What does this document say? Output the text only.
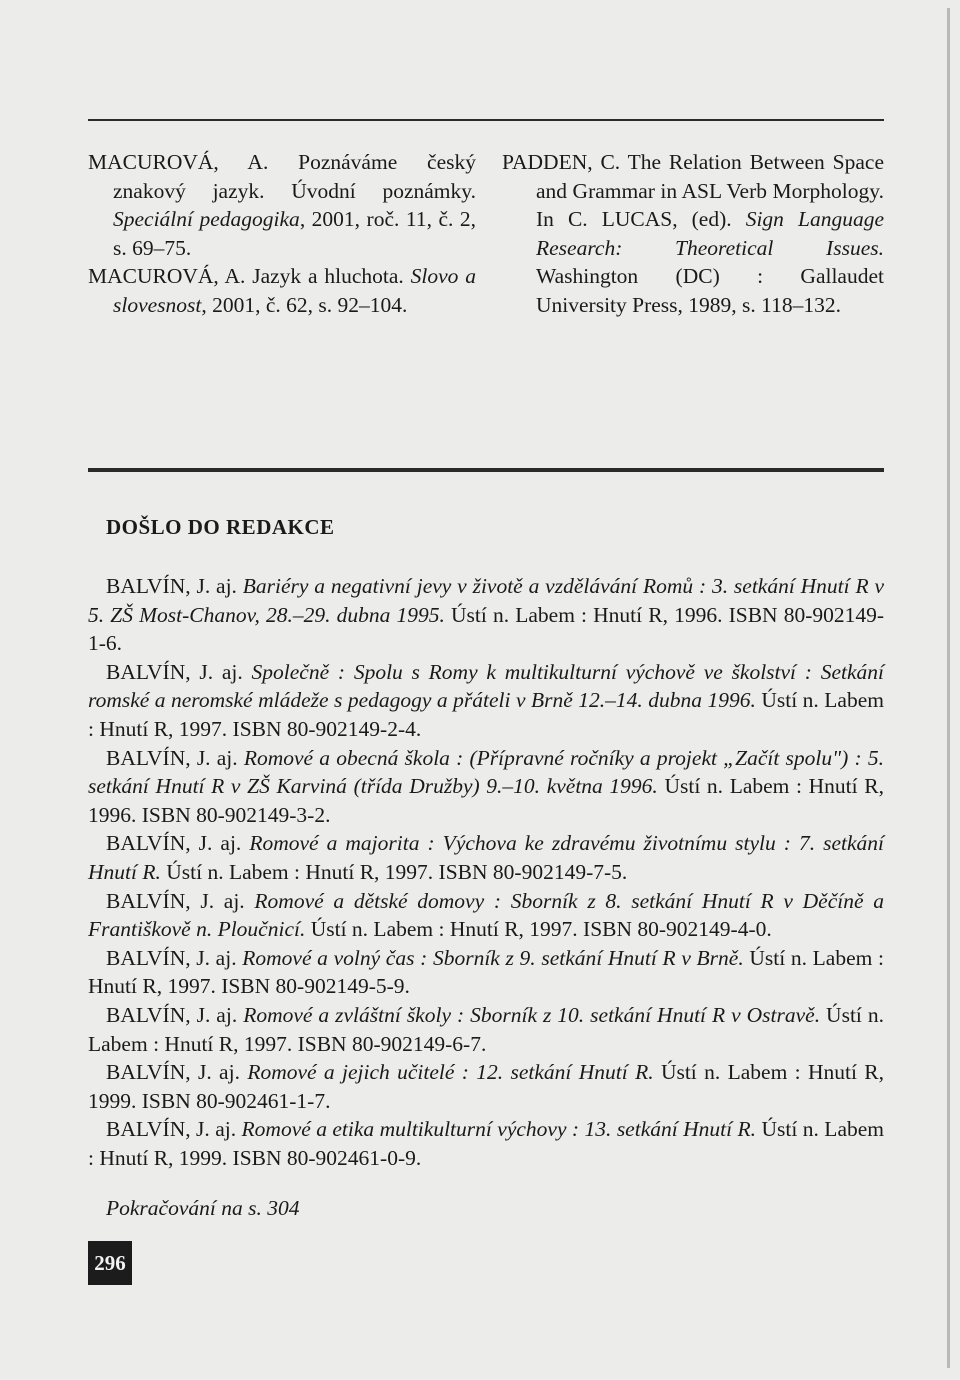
MACUROVÁ, A. Poznáváme český znakový jazyk. Úvodní poznámky. Speciální pedagogika, 2001, roč. 11, č. 2, s. 69–75.

MACUROVÁ, A. Jazyk a hluchota. Slovo a slovesnost, 2001, č. 62, s. 92–104.

PADDEN, C. The Relation Between Space and Grammar in ASL Verb Morphology. In C. LUCAS, (ed). Sign Language Research: Theoretical Issues. Washington (DC) : Gallaudet University Press, 1989, s. 118–132.

DOŠLO DO REDAKCE

BALVÍN, J. aj. Bariéry a negativní jevy v životě a vzdělávání Romů : 3. setkání Hnutí R v 5. ZŠ Most-Chanov, 28.–29. dubna 1995. Ústí n. Labem : Hnutí R, 1996. ISBN 80-902149-1-6.

BALVÍN, J. aj. Společně : Spolu s Romy k multikulturní výchově ve školství : Setkání romské a neromské mládeže s pedagogy a přáteli v Brně 12.–14. dubna 1996. Ústí n. Labem : Hnutí R, 1997. ISBN 80-902149-2-4.

BALVÍN, J. aj. Romové a obecná škola : (Přípravné ročníky a projekt „Začít spolu") : 5. setkání Hnutí R v ZŠ Karviná (třída Družby) 9.–10. května 1996. Ústí n. Labem : Hnutí R, 1996. ISBN 80-902149-3-2.

BALVÍN, J. aj. Romové a majorita : Výchova ke zdravému životnímu stylu : 7. setkání Hnutí R. Ústí n. Labem : Hnutí R, 1997. ISBN 80-902149-7-5.

BALVÍN, J. aj. Romové a dětské domovy : Sborník z 8. setkání Hnutí R v Děčíně a Františkově n. Ploučnicí. Ústí n. Labem : Hnutí R, 1997. ISBN 80-902149-4-0.

BALVÍN, J. aj. Romové a volný čas : Sborník z 9. setkání Hnutí R v Brně. Ústí n. Labem : Hnutí R, 1997. ISBN 80-902149-5-9.

BALVÍN, J. aj. Romové a zvláštní školy : Sborník z 10. setkání Hnutí R v Ostravě. Ústí n. Labem : Hnutí R, 1997. ISBN 80-902149-6-7.

BALVÍN, J. aj. Romové a jejich učitelé : 12. setkání Hnutí R. Ústí n. Labem : Hnutí R, 1999. ISBN 80-902461-1-7.

BALVÍN, J. aj. Romové a etika multikulturní výchovy : 13. setkání Hnutí R. Ústí n. Labem : Hnutí R, 1999. ISBN 80-902461-0-9.

Pokračování na s. 304

296
